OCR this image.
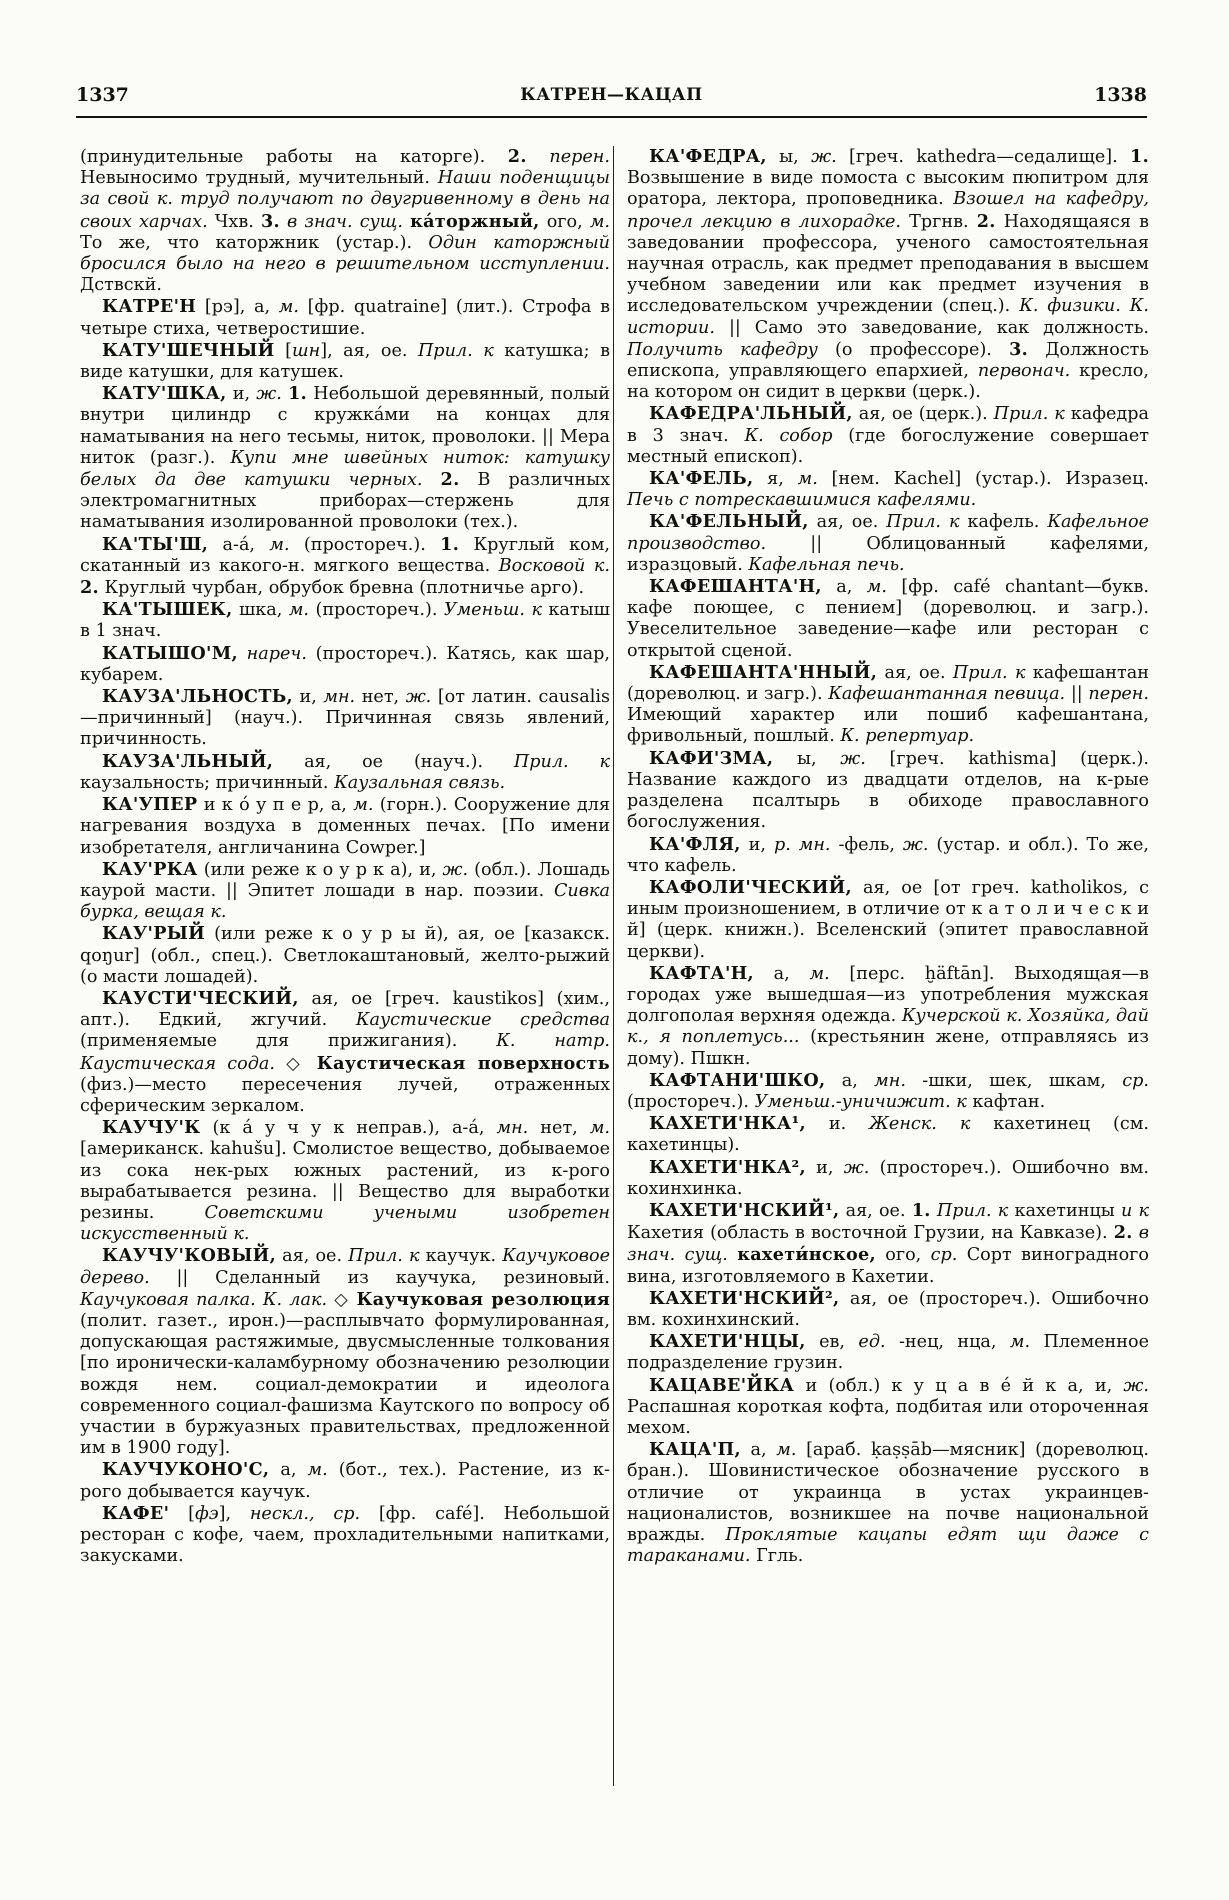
1337	КАТРЕН—КАЦАП	1338

(принудительные работы на каторге). 2. перен. Невыносимо трудный, мучительный. Наши поденщицы за свой к. труд получают по двугривенному в день на своих харчах. Чхв. 3. в знач. сущ. ка́торжный, ого, м. То же, что каторжник (устар.). Один каторжный бросился было на него в решительном исступлении. Дствскй.

КАТРЕ'Н [рэ], а, м. [фр. quatraine] (лит.). Строфа в четыре стиха, четверостишие.

КАТУ'ШЕЧНЫЙ [шн], ая, ое. Прил. к катушка; в виде катушки, для катушек.

КАТУ'ШКА, и, ж. 1. Небольшой деревянный, полый внутри цилиндр с кружка́ми на концах для наматывания на него тесьмы, ниток, проволоки. || Мера ниток (разг.). Купи мне швейных ниток: катушку белых да две катушки черных. 2. В различных электромагнитных приборах—стержень для наматывания изолированной проволоки (тех.).

КА'ТЫ'Ш, а-а́, м. (простореч.). 1. Круглый ком, скатанный из какого-н. мягкого вещества. Восковой к. 2. Круглый чурбан, обрубок бревна (плотничье арго).

КА'ТЫШЕК, шка, м. (простореч.). Уменьш. к катыш в 1 знач.

КАТЫШО'М, нареч. (простореч.). Катясь, как шар, кубарем.

КАУЗА'ЛЬНОСТЬ, и, мн. нет, ж. [от латин. causalis—причинный] (науч.). Причинная связь явлений, причинность.

КАУЗА'ЛЬНЫЙ, ая, ое (науч.). Прил. к каузальность; причинный. Каузальная связь.

КА'УПЕР и к о́ у п е р, а, м. (горн.). Сооружение для нагревания воздуха в доменных печах. [По имени изобретателя, англичанина Cowper.]

КАУ'РКА (или реже к о у р к а), и, ж. (обл.). Лошадь каурой масти. || Эпитет лошади в нар. поэзии. Сивка бурка, вещая к.

КАУ'РЫЙ (или реже к о у р ы й), ая, ое [казакск. qoŋur] (обл., спец.). Светлокаштановый, желто-рыжий (о масти лошадей).

КАУСТИ'ЧЕСКИЙ, ая, ое [греч. kaustikos] (хим., апт.). Едкий, жгучий. Каустические средства (применяемые для прижигания). К. натр. Каустическая сода. ◇ Каустическая поверхность (физ.)—место пересечения лучей, отраженных сферическим зеркалом.

КАУЧУ'К (к а́ у ч у к неправ.), а-а́, мн. нет, м. [американск. kahušu]. Смолистое вещество, добываемое из сока нек-рых южных растений, из к-рого вырабатывается резина. || Вещество для выработки резины. Советскими учеными изобретен искусственный к.

КАУЧУ'КОВЫЙ, ая, ое. Прил. к каучук. Каучуковое дерево. || Сделанный из каучука, резиновый. Каучуковая палка. К. лак. ◇ Каучуковая резолюция (полит. газет., ирон.)—расплывчато формулированная, допускающая растяжимые, двусмысленные толкования [по иронически-каламбурному обозначению резолюции вождя нем. социал-демократии и идеолога современного социал-фашизма Каутского по вопросу об участии в буржуазных правительствах, предложенной им в 1900 году].

КАУЧУКОНО'С, а, м. (бот., тех.). Растение, из к-рого добывается каучук.

КАФЕ' [фэ], нескл., ср. [фр. café]. Небольшой ресторан с кофе, чаем, прохладительными напитками, закусками.

КА'ФЕДРА, ы, ж. [греч. kathedra—седалище]. 1. Возвышение в виде помоста с высоким пюпитром для оратора, лектора, проповедника. Взошел на кафедру, прочел лекцию в лихорадке. Тргнв. 2. Находящаяся в заведовании профессора, ученого самостоятельная научная отрасль, как предмет преподавания в высшем учебном заведении или как предмет изучения в исследовательском учреждении (спец.). К. физики. К. истории. || Само это заведование, как должность. Получить кафедру (о профессоре). 3. Должность епископа, управляющего епархией, первонач. кресло, на котором он сидит в церкви (церк.).

КАФЕДРА'ЛЬНЫЙ, ая, ое (церк.). Прил. к кафедра в 3 знач. К. собор (где богослужение совершает местный епископ).

КА'ФЕЛЬ, я, м. [нем. Kachel] (устар.). Изразец. Печь с потрескавшимися кафелями.

КА'ФЕЛЬНЫЙ, ая, ое. Прил. к кафель. Кафельное производство. || Облицованный кафелями, изразцовый. Кафельная печь.

КАФЕШАНТА'Н, а, м. [фр. café chantant—букв. кафе поющее, с пением] (дореволюц. и загр.). Увеселительное заведение—кафе или ресторан с открытой сценой.

КАФЕШАНТА'ННЫЙ, ая, ое. Прил. к кафешантан (дореволюц. и загр.). Кафешантанная певица. || перен. Имеющий характер или пошиб кафешантана, фривольный, пошлый. К. репертуар.

КАФИ'ЗМА, ы, ж. [греч. kathisma] (церк.). Название каждого из двадцати отделов, на к-рые разделена псалтырь в обиходе православного богослужения.

КА'ФЛЯ, и, р. мн. -фель, ж. (устар. и обл.). То же, что кафель.

КАФОЛИ'ЧЕСКИЙ, ая, ое [от греч. katholikos, с иным произношением, в отличие от к а т о л и ч е с к и й] (церк. книжн.). Вселенский (эпитет православной церкви).

КАФТА'Н, а, м. [перс. ḫäftān]. Выходящая—в городах уже вышедшая—из употребления мужская долгополая верхняя одежда. Кучерской к. Хозяйка, дай к., я поплетусь... (крестьянин жене, отправляясь из дому). Пшкн.

КАФТАНИ'ШКО, а, мн. -шки, шек, шкам, ср. (простореч.). Уменьш.-уничижит. к кафтан.

КАХЕТИ'НКА¹, и. Женск. к кахетинец (см. кахетинцы).

КАХЕТИ'НКА², и, ж. (простореч.). Ошибочно вм. кохинхинка.

КАХЕТИ'НСКИЙ¹, ая, ое. 1. Прил. к кахетинцы и к Кахетия (область в восточной Грузии, на Кавказе). 2. в знач. сущ. кахети́нское, ого, ср. Сорт виноградного вина, изготовляемого в Кахетии.

КАХЕТИ'НСКИЙ², ая, ое (простореч.). Ошибочно вм. кохинхинский.

КАХЕТИ'НЦЫ, ев, ед. -нец, нца, м. Племенное подразделение грузин.

КАЦАВЕ'ЙКА и (обл.) к у ц а в е́ й к а, и, ж. Распашная короткая кофта, подбитая или отороченная мехом.

КАЦА'П, а, м. [араб. ḳaṣṣāb—мясник] (дореволюц. бран.). Шовинистическое обозначение русского в отличие от украинца в устах украинцев-националистов, возникшее на почве национальной вражды. Проклятые кацапы едят щи даже с тараканами. Ггль.
